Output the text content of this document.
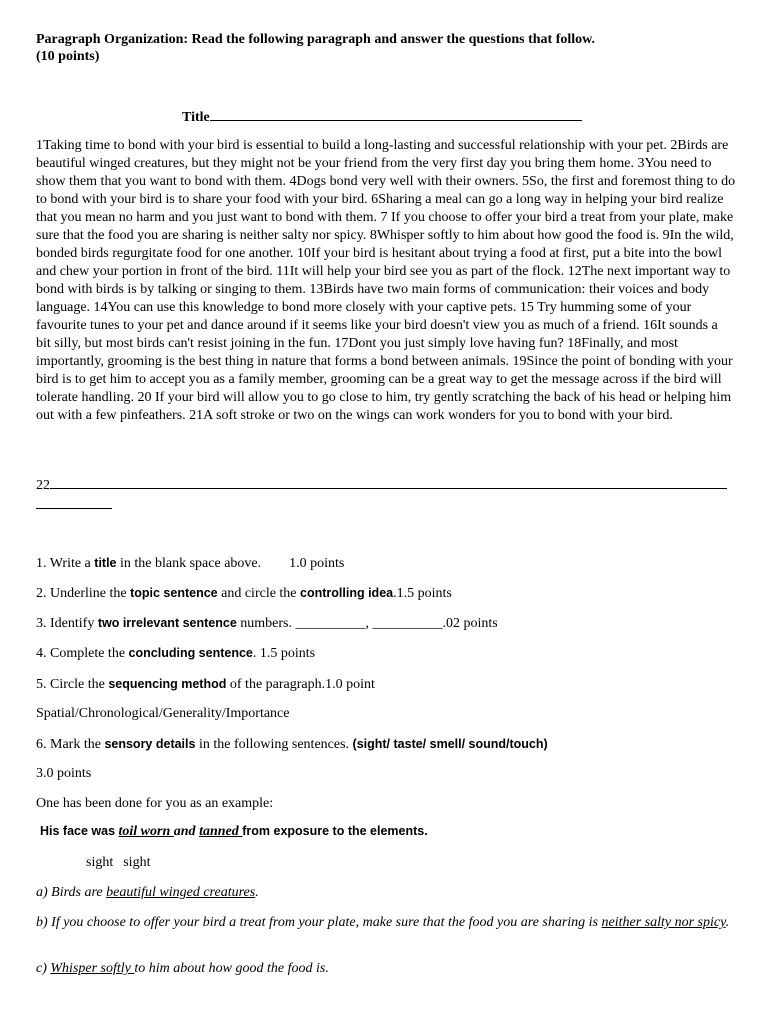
Paragraph Organization: Read the following paragraph and answer the questions that follow.
(10 points)
Title

1Taking time to bond with your bird is essential to build a long-lasting and successful relationship with your pet. 2Birds are beautiful winged creatures, but they might not be your friend from the very first day you bring them home. 3You need to show them that you want to bond with them. 4Dogs bond very well with their owners. 5So, the first and foremost thing to do to bond with your bird is to share your food with your bird. 6Sharing a meal can go a long way in helping your bird realize that you mean no harm and you just want to bond with them. 7 If you choose to offer your bird a treat from your plate, make sure that the food you are sharing is neither salty nor spicy. 8Whisper softly to him about how good the food is. 9In the wild, bonded birds regurgitate food for one another. 10If your bird is hesitant about trying a food at first, put a bite into the bowl and chew your portion in front of the bird. 11It will help your bird see you as part of the flock. 12The next important way to bond with birds is by talking or singing to them. 13Birds have two main forms of communication: their voices and body language. 14You can use this knowledge to bond more closely with your captive pets. 15 Try humming some of your favourite tunes to your pet and dance around if it seems like your bird doesn't view you as much of a friend. 16It sounds a bit silly, but most birds can't resist joining in the fun. 17Dont you just simply love having fun? 18Finally, and most importantly, grooming is the best thing in nature that forms a bond between animals. 19Since the point of bonding with your bird is to get him to accept you as a family member, grooming can be a great way to get the message across if the bird will tolerate handling. 20 If your bird will allow you to go close to him, try gently scratching the back of his head or helping him out with a few pinfeathers. 21A soft stroke or two on the wings can work wonders for you to bond with your bird.

22

1. Write a title in the blank space above. 1.0 points
2. Underline the topic sentence and circle the controlling idea.1.5 points
3. Identify two irrelevant sentence numbers. __________, __________.02 points
4. Complete the concluding sentence. 1.5 points
5. Circle the sequencing method of the paragraph.1.0 point
Spatial/Chronological/Generality/Importance
6. Mark the sensory details in the following sentences. (sight/ taste/ smell/ sound/touch)
3.0 points
One has been done for you as an example:
His face was toil worn and tanned from exposure to the elements.
sight sight
a) Birds are beautiful winged creatures.
b) If you choose to offer your bird a treat from your plate, make sure that the food you are sharing is neither salty nor spicy.
c) Whisper softly to him about how good the food is.
